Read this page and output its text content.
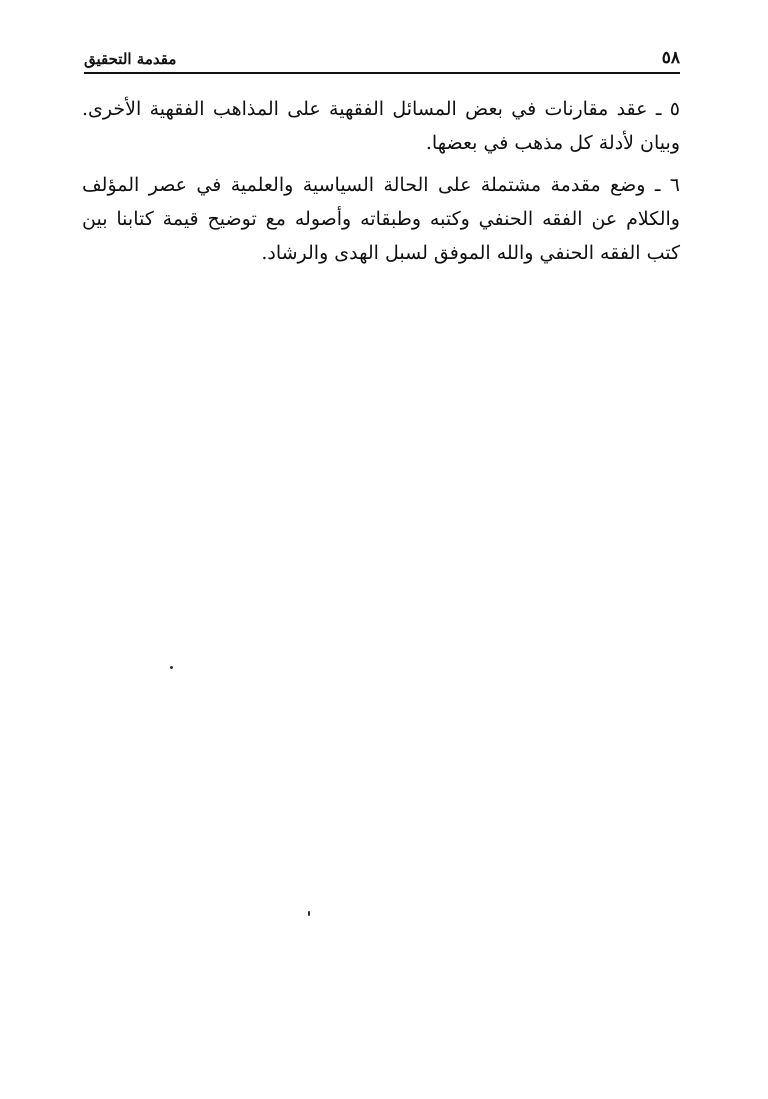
٥٨
مقدمة التحقيق

٥ ـ عقد مقارنات في بعض المسائل الفقهية على المذاهب الفقهية الأخرى. وبيان لأدلة كل مذهب في بعضها.

٦ ـ وضع مقدمة مشتملة على الحالة السياسية والعلمية في عصر المؤلف والكلام عن الفقه الحنفي وكتبه وطبقاته وأصوله مع توضيح قيمة كتابنا بين كتب الفقه الحنفي والله الموفق لسبل الهدى والرشاد.
